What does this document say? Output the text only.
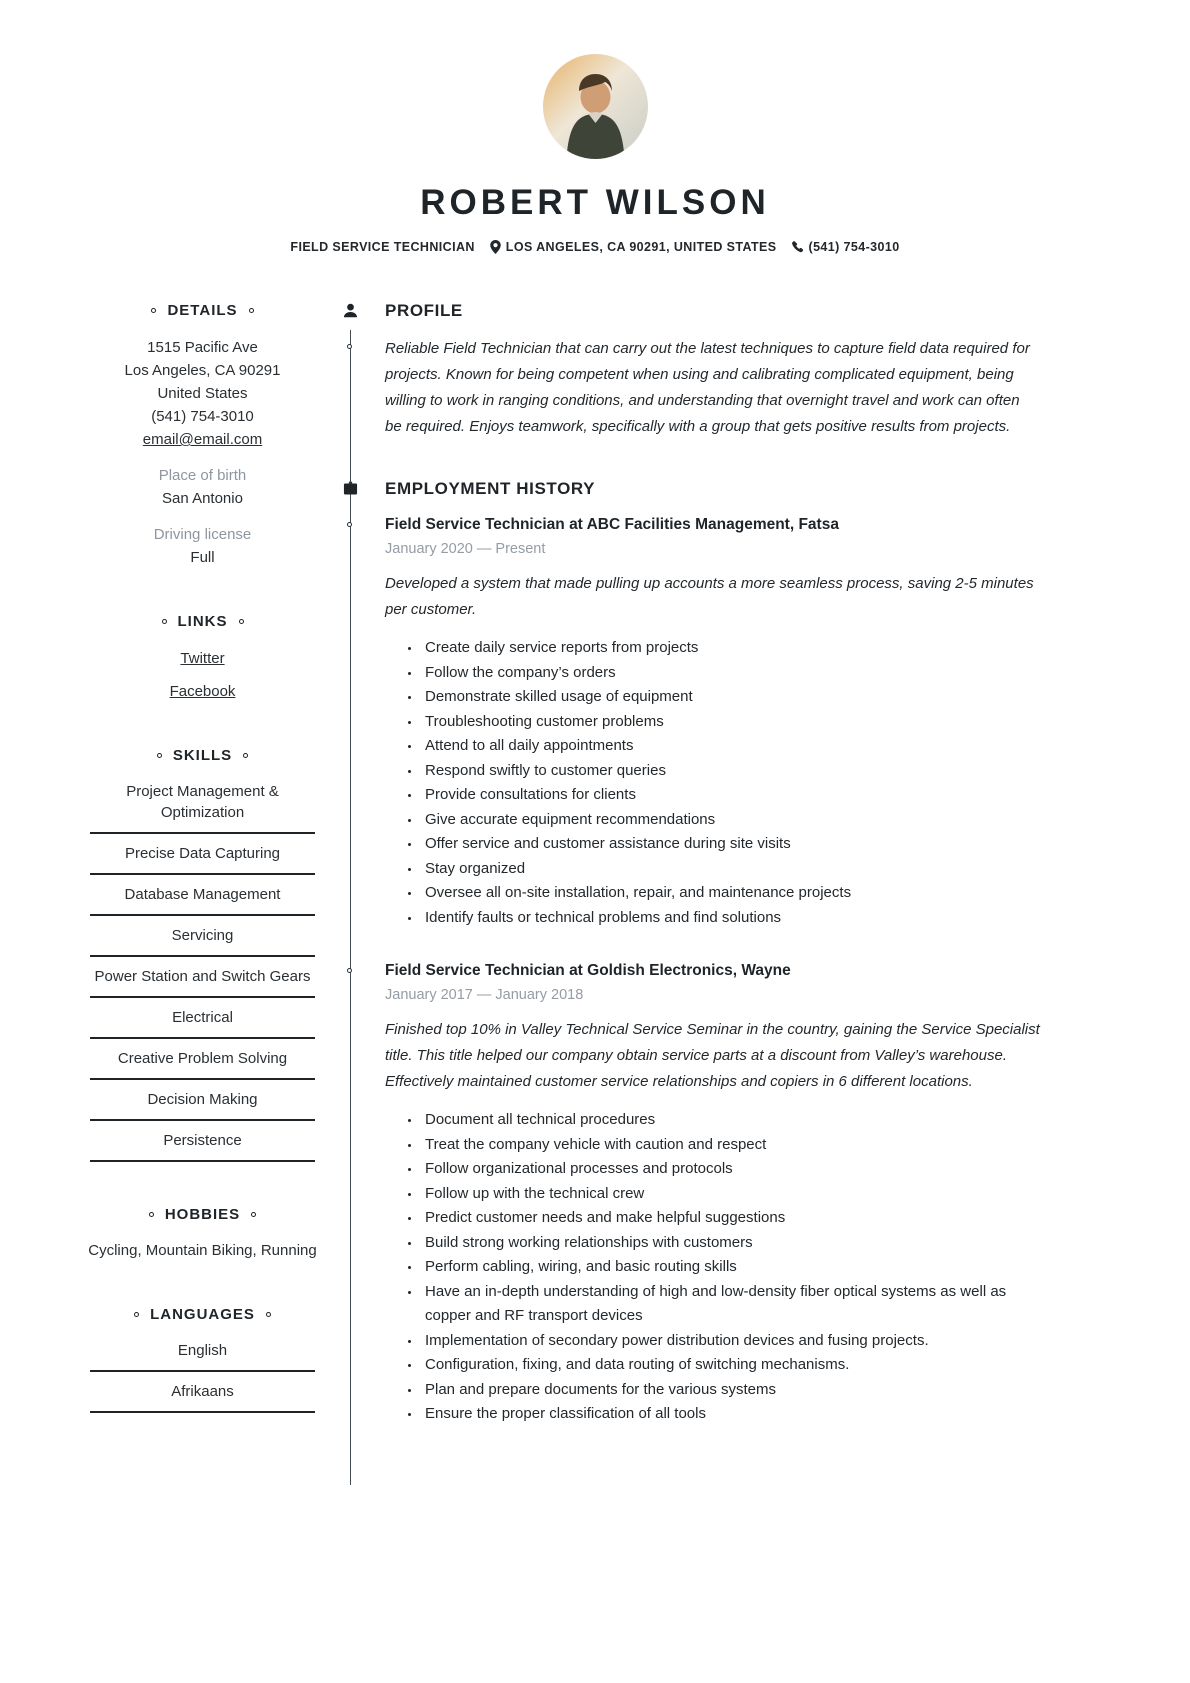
ROBERT WILSON
FIELD SERVICE TECHNICIAN LOS ANGELES, CA 90291, UNITED STATES	(541) 754-3010
DETAILS
1515 Pacific Ave
Los Angeles, CA 90291
United States
(541) 754-3010
email@email.com
Place of birth
San Antonio
Driving license
Full
LINKS
Twitter
Facebook
SKILLS
Project Management & Optimization
Precise Data Capturing
Database Management
Servicing
Power Station and Switch Gears
Electrical
Creative Problem Solving
Decision Making
Persistence
HOBBIES
Cycling, Mountain Biking, Running
LANGUAGES
English
Afrikaans
PROFILE

Reliable Field Technician that can carry out the latest techniques to capture field data required for projects. Known for being competent when using and calibrating complicated equipment, being willing to work in ranging conditions, and understanding that overnight travel and work can often be required. Enjoys teamwork, specifically with a group that gets positive results from projects.

EMPLOYMENT HISTORY
Field Service Technician at ABC Facilities Management, Fatsa
January 2020 — Present

Developed a system that made pulling up accounts a more seamless process, saving 2-5 minutes per customer.

Create daily service reports from projects
Follow the company’s orders
Demonstrate skilled usage of equipment
Troubleshooting customer problems
Attend to all daily appointments
Respond swiftly to customer queries
Provide consultations for clients
Give accurate equipment recommendations
Offer service and customer assistance during site visits
Stay organized
Oversee all on-site installation, repair, and maintenance projects
Identify faults or technical problems and find solutions
Field Service Technician at Goldish Electronics, Wayne
January 2017 — January 2018

Finished top 10% in Valley Technical Service Seminar in the country, gaining the Service Specialist title. This title helped our company obtain service parts at a discount from Valley’s warehouse. Effectively maintained customer service relationships and copiers in 6 different locations.

Document all technical procedures
Treat the company vehicle with caution and respect
Follow organizational processes and protocols
Follow up with the technical crew
Predict customer needs and make helpful suggestions
Build strong working relationships with customers
Perform cabling, wiring, and basic routing skills
Have an in-depth understanding of high and low-density fiber optical systems as well as copper and RF transport devices
Implementation of secondary power distribution devices and fusing projects.
Configuration, fixing, and data routing of switching mechanisms.
Plan and prepare documents for the various systems
Ensure the proper classification of all tools
